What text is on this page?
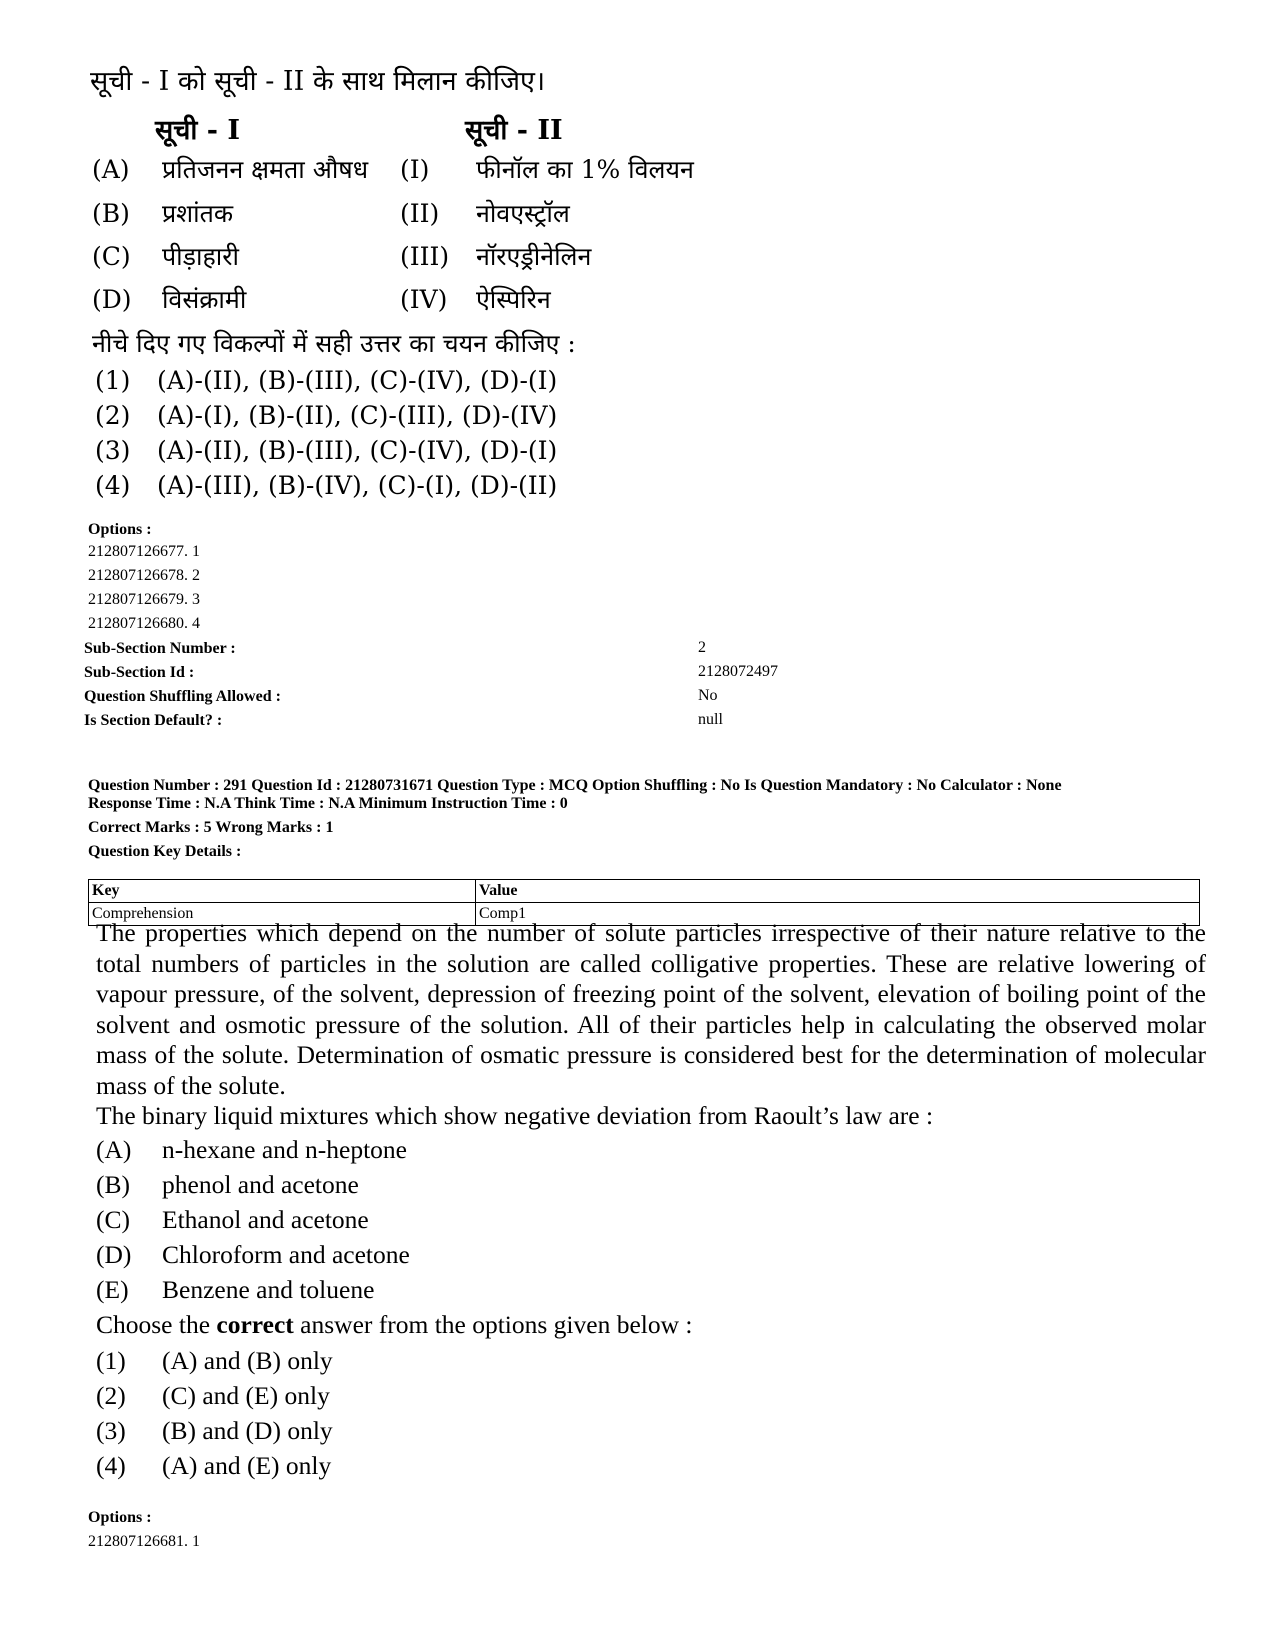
सूची - I को सूची - II के साथ मिलान कीजिए।
सूची - I	सूची - II
(A) प्रतिजनन क्षमता औषध (I) फीनॉल का 1% विलयन
(B) प्रशांतक	(II) नोवएस्ट्रॉल
(C) पीड़ाहारी	(III) नॉरएड्रीनेलिन
(D) विसंक्रामी	(IV) ऐस्पिरिन
नीचे दिए गए विकल्पों में सही उत्तर का चयन कीजिए :
(1) (A)-(II), (B)-(III), (C)-(IV), (D)-(I)
(2) (A)-(I), (B)-(II), (C)-(III), (D)-(IV)
(3) (A)-(II), (B)-(III), (C)-(IV), (D)-(I)
(4) (A)-(III), (B)-(IV), (C)-(I), (D)-(II)
Options :
212807126677. 1
212807126678. 2
212807126679. 3
212807126680. 4
Sub-Section Number :	2
Sub-Section Id :	2128072497
Question Shuffling Allowed :	No
Is Section Default? :	null
Question Number : 291 Question Id : 21280731671 Question Type : MCQ Option Shuffling : No Is Question Mandatory : No Calculator : None
Response Time : N.A Think Time : N.A Minimum Instruction Time : 0
Correct Marks : 5 Wrong Marks : 1
Question Key Details :
Key	Value
Comprehension	Comp1
The properties which depend on the number of solute particles irrespective of their nature relative to the total numbers of particles in the solution are called colligative properties. These are relative lowering of vapour pressure, of the solvent, depression of freezing point of the solvent, elevation of boiling point of the solvent and osmotic pressure of the solution. All of their particles help in calculating the observed molar mass of the solute. Determination of osmatic pressure is considered best for the determination of molecular mass of the solute.
The binary liquid mixtures which show negative deviation from Raoult’s law are :
(A) n-hexane and n-heptone
(B) phenol and acetone
(C) Ethanol and acetone
(D) Chloroform and acetone
(E) Benzene and toluene
Choose the correct answer from the options given below :
(1) (A) and (B) only
(2) (C) and (E) only
(3) (B) and (D) only
(4) (A) and (E) only
Options :
212807126681. 1
